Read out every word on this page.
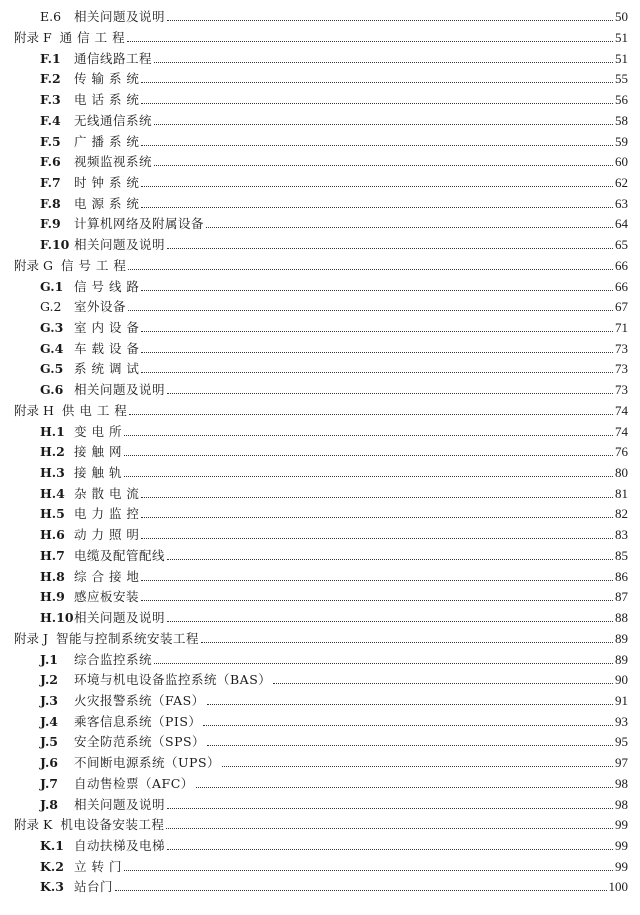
E.6	相关问题及说明	50
附录 F 通 信 工 程	51
F.1	通信线路工程	51
F.2	传 输 系 统	55
F.3	电 话 系 统	56
F.4	无线通信系统	58
F.5	广 播 系 统	59
F.6	视频监视系统	60
F.7	时 钟 系 统	62
F.8	电 源 系 统	63
F.9	计算机网络及附属设备	64
F.10 相关问题及说明	65
附录 G 信 号 工 程	66
G.1 信 号 线 路	66
G.2	室外设备	67
G.3 室 内 设 备	71
G.4 车 载 设 备	73
G.5 系 统 调 试	73
G.6 相关问题及说明	73
附录 H 供 电 工 程	74
H.1 变 电 所	74
H.2 接 触 网	76
H.3 接 触 轨	80
H.4 杂 散 电 流	81
H.5 电 力 监 控	82
H.6 动 力 照 明	83
H.7 电缆及配管配线	85
H.8 综 合 接 地	86
H.9 感应板安装	87
H.10 相关问题及说明	88
附录 J 智能与控制系统安装工程	89
J.1	综合监控系统	89
J.2	环境与机电设备监控系统（BAS）	90
J.3	火灾报警系统（FAS）	91
J.4	乘客信息系统（PIS）	93
J.5	安全防范系统（SPS）	95
J.6	不间断电源系统（UPS）	97
J.7	自动售检票（AFC）	98
J.8	相关问题及说明	98
附录 K 机电设备安装工程	99
K.1 自动扶梯及电梯	99
K.2 立 转 门	99
K.3 站台门	100
